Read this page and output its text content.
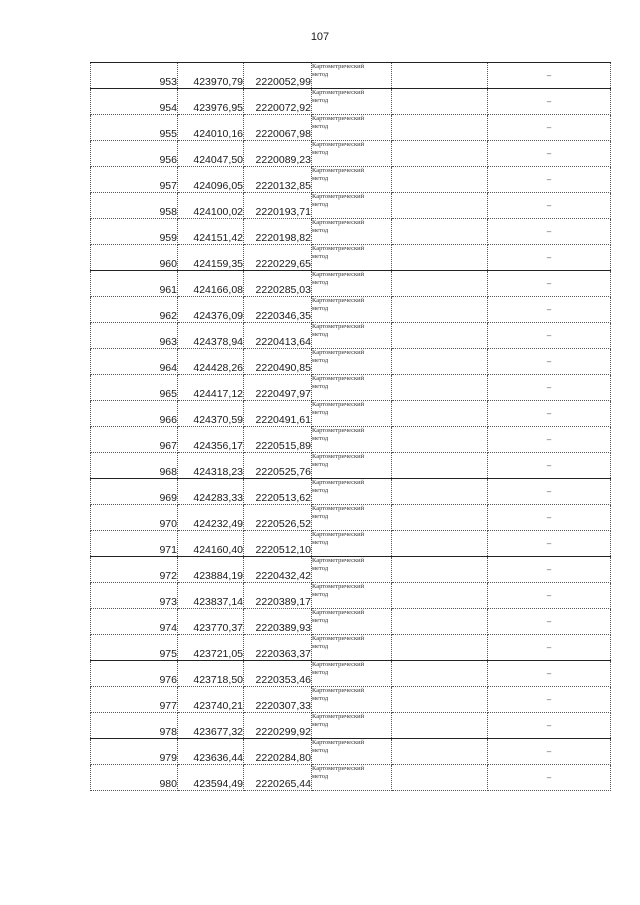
107
953	423970,79	2220052,99	Картометрический
метод		–
954	423976,95	2220072,92	Картометрический
метод		–
955	424010,16	2220067,98	Картометрический
метод		–
956	424047,50	2220089,23	Картометрический
метод		–
957	424096,05	2220132,85	Картометрический
метод		–
958	424100,02	2220193,71	Картометрический
метод		–
959	424151,42	2220198,82	Картометрический
метод		–
960	424159,35	2220229,65	Картометрический
метод		–
961	424166,08	2220285,03	Картометрический
метод		–
962	424376,09	2220346,35	Картометрический
метод		–
963	424378,94	2220413,64	Картометрический
метод		–
964	424428,26	2220490,85	Картометрический
метод		–
965	424417,12	2220497,97	Картометрический
метод		–
966	424370,59	2220491,61	Картометрический
метод		–
967	424356,17	2220515,89	Картометрический
метод		–
968	424318,23	2220525,76	Картометрический
метод		–
969	424283,33	2220513,62	Картометрический
метод		–
970	424232,49	2220526,52	Картометрический
метод		–
971	424160,40	2220512,10	Картометрический
метод		–
972	423884,19	2220432,42	Картометрический
метод		–
973	423837,14	2220389,17	Картометрический
метод		–
974	423770,37	2220389,93	Картометрический
метод		–
975	423721,05	2220363,37	Картометрический
метод		–
976	423718,50	2220353,46	Картометрический
метод		–
977	423740,21	2220307,33	Картометрический
метод		–
978	423677,32	2220299,92	Картометрический
метод		–
979	423636,44	2220284,80	Картометрический
метод		–
980	423594,49	2220265,44	Картометрический
метод		–
